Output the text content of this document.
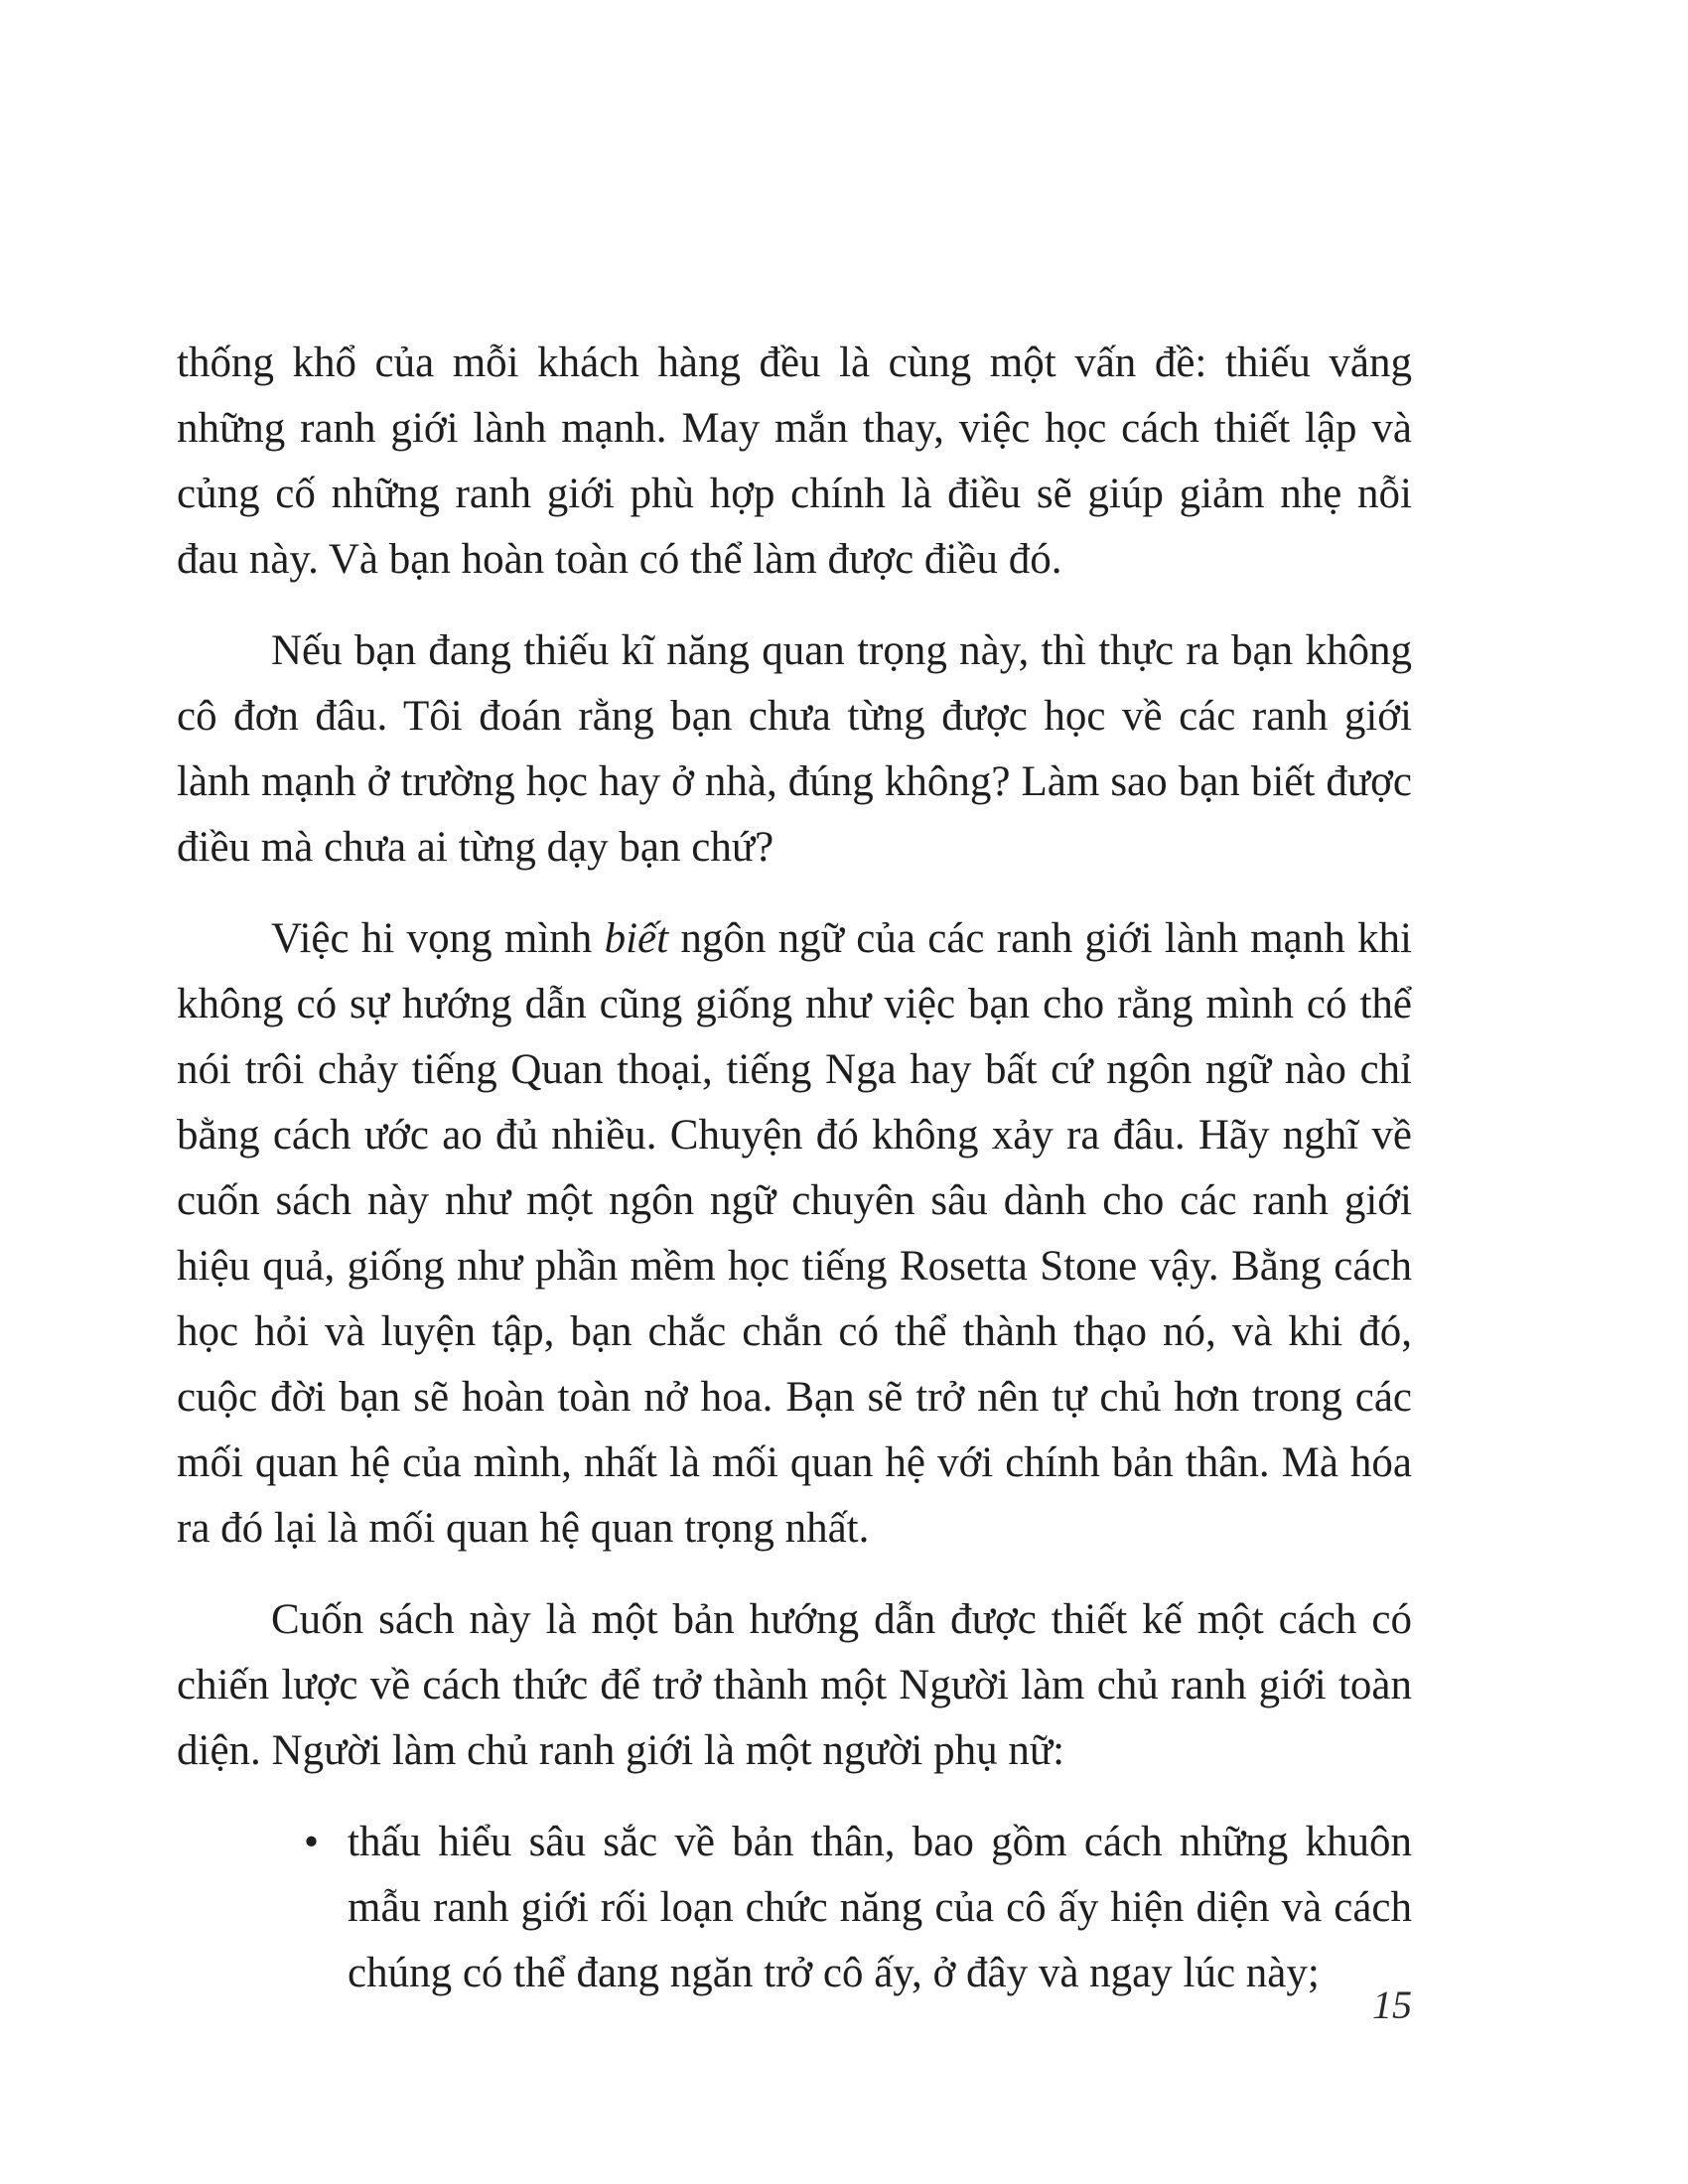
thống khổ của mỗi khách hàng đều là cùng một vấn đề: thiếu vắng những ranh giới lành mạnh. May mắn thay, việc học cách thiết lập và củng cố những ranh giới phù hợp chính là điều sẽ giúp giảm nhẹ nỗi đau này. Và bạn hoàn toàn có thể làm được điều đó.

Nếu bạn đang thiếu kĩ năng quan trọng này, thì thực ra bạn không cô đơn đâu. Tôi đoán rằng bạn chưa từng được học về các ranh giới lành mạnh ở trường học hay ở nhà, đúng không? Làm sao bạn biết được điều mà chưa ai từng dạy bạn chứ?

Việc hi vọng mình biết ngôn ngữ của các ranh giới lành mạnh khi không có sự hướng dẫn cũng giống như việc bạn cho rằng mình có thể nói trôi chảy tiếng Quan thoại, tiếng Nga hay bất cứ ngôn ngữ nào chỉ bằng cách ước ao đủ nhiều. Chuyện đó không xảy ra đâu. Hãy nghĩ về cuốn sách này như một ngôn ngữ chuyên sâu dành cho các ranh giới hiệu quả, giống như phần mềm học tiếng Rosetta Stone vậy. Bằng cách học hỏi và luyện tập, bạn chắc chắn có thể thành thạo nó, và khi đó, cuộc đời bạn sẽ hoàn toàn nở hoa. Bạn sẽ trở nên tự chủ hơn trong các mối quan hệ của mình, nhất là mối quan hệ với chính bản thân. Mà hóa ra đó lại là mối quan hệ quan trọng nhất.

Cuốn sách này là một bản hướng dẫn được thiết kế một cách có chiến lược về cách thức để trở thành một Người làm chủ ranh giới toàn diện. Người làm chủ ranh giới là một người phụ nữ:

• thấu hiểu sâu sắc về bản thân, bao gồm cách những khuôn mẫu ranh giới rối loạn chức năng của cô ấy hiện diện và cách chúng có thể đang ngăn trở cô ấy, ở đây và ngay lúc này;
15
